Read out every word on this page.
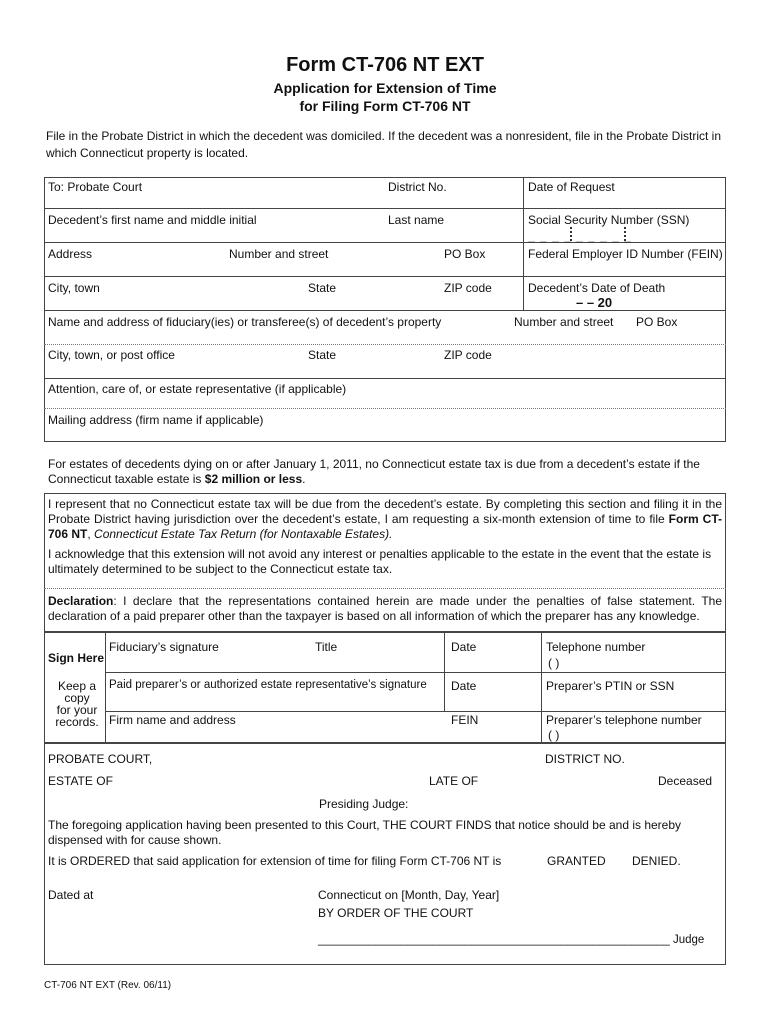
Form CT-706 NT EXT
Application for Extension of Time
for Filing Form CT-706 NT
File in the Probate District in which the decedent was domiciled. If the decedent was a nonresident, file in the Probate District in which Connecticut property is located.
To: Probate Court	District No.	Date of Request
Decedent’s first name and middle initial	Last name	Social Security Number (SSN)
_ _ _ _ _ _ _ _ _
Address	Number and street	PO Box	Federal Employer ID Number (FEIN)
City, town	State	ZIP code	Decedent’s Date of Death
– – 20
Name and address of fiduciary(ies) or transferee(s) of decedent’s property	Number and street PO Box
City, town, or post office	State	ZIP code
Attention, care of, or estate representative (if applicable)
Mailing address (firm name if applicable)
For estates of decedents dying on or after January 1, 2011, no Connecticut estate tax is due from a decedent’s estate if the Connecticut taxable estate is $2 million or less.
I represent that no Connecticut estate tax will be due from the decedent’s estate. By completing this section and filing it in the Probate District having jurisdiction over the decedent’s estate, I am requesting a six-month extension of time to file Form CT-706 NT, Connecticut Estate Tax Return (for Nontaxable Estates).
I acknowledge that this extension will not avoid any interest or penalties applicable to the estate in the event that the estate is ultimately determined to be subject to the Connecticut estate tax.
Declaration: I declare that the representations contained herein are made under the penalties of false statement. The declaration of a paid preparer other than the taxpayer is based on all information of which the preparer has any knowledge.
Sign Here
Keep a
copy
for your
records.
Fiduciary’s signature	Title	Date	Telephone number
( )
Paid preparer’s or authorized estate representative’s signature Date	Preparer’s PTIN or SSN
Firm name and address	FEIN	Preparer’s telephone number
( )
PROBATE COURT,	DISTRICT NO.
ESTATE OF	LATE OF	Deceased
Presiding Judge:
The foregoing application having been presented to this Court, THE COURT FINDS that notice should be and is hereby dispensed with for cause shown.
It is ORDERED that said application for extension of time for filing Form CT-706 NT is	GRANTED DENIED.
Dated at	Connecticut on [Month, Day, Year]
BY ORDER OF THE COURT
_______________________________________________________ Judge
CT-706 NT EXT (Rev. 06/11)
